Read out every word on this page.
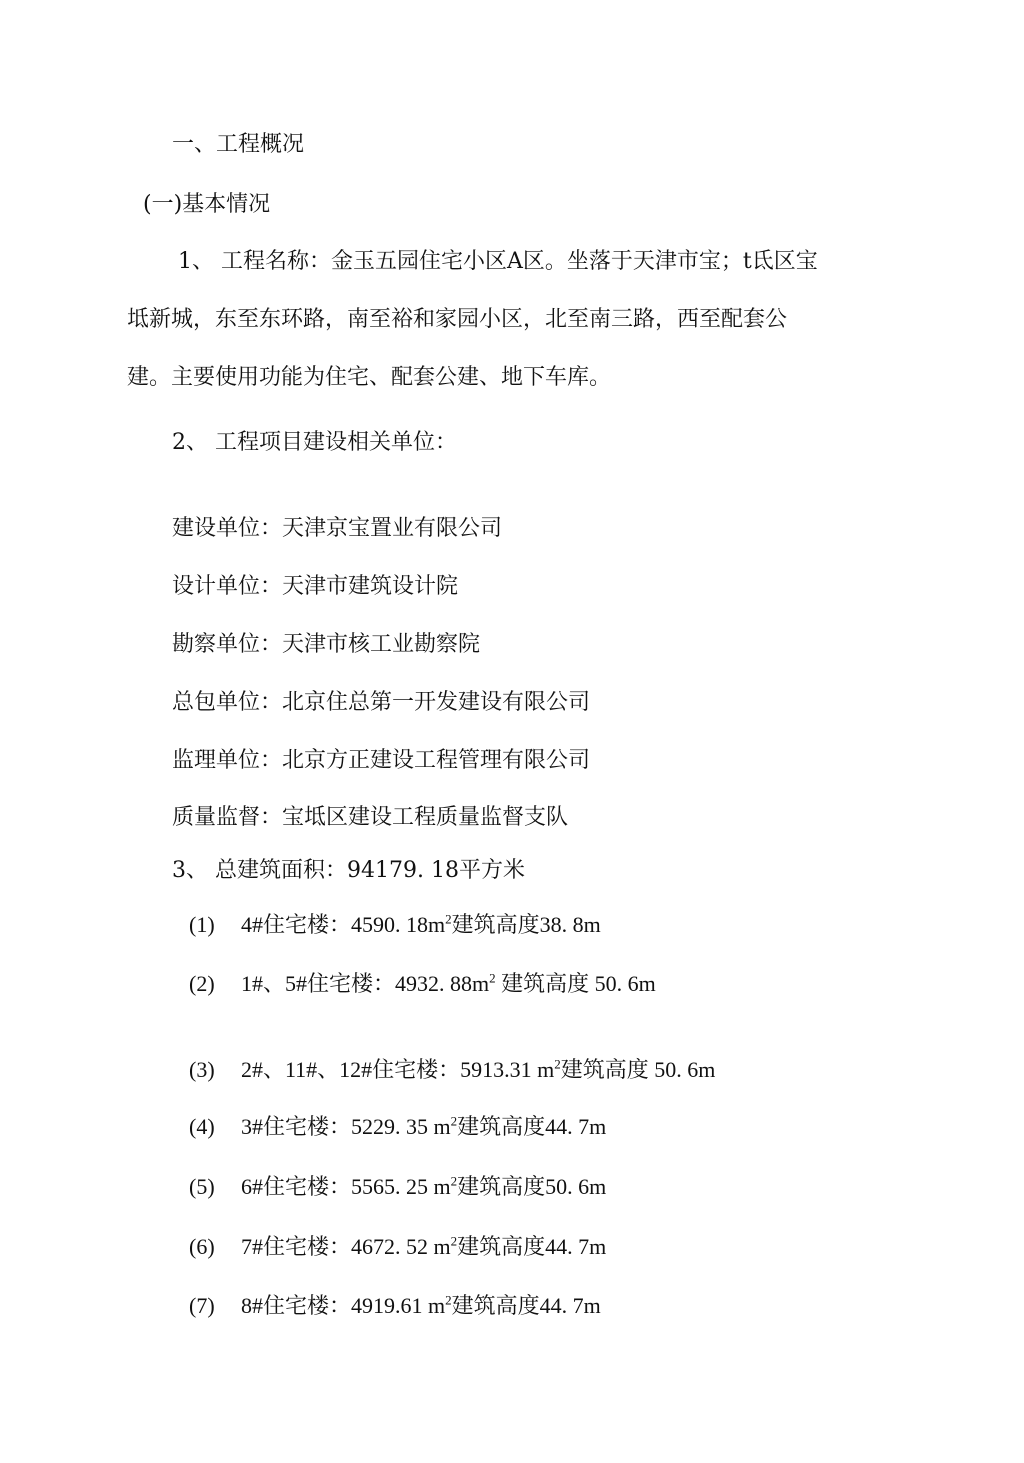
一、工程概况
(一)基本情况
1、 工程名称：金玉五园住宅小区A区。坐落于天津市宝；t氐区宝
坻新城，东至东环路，南至裕和家园小区，北至南三路，西至配套公
建。主要使用功能为住宅、配套公建、地下车库。
2、 工程项目建设相关单位：
建设单位：天津京宝置业有限公司
设计单位：天津市建筑设计院
勘察单位：天津市核工业勘察院
总包单位：北京住总第一开发建设有限公司
监理单位：北京方正建设工程管理有限公司
质量监督：宝坻区建设工程质量监督支队
3、 总建筑面积：94179. 18平方米
(1) 4#住宅楼：4590. $18m^2$建筑高度38. 8m
(2) 1#、5#住宅楼：4932. $88m^2$ 建筑高度 50. 6m
(3) 2#、11#、12#住宅楼：5913.31 $m^2$建筑高度 50. 6m
(4) 3#住宅楼：5229. 35 $m^2$建筑高度44. 7m
(5) 6#住宅楼：5565. 25 $m^2$建筑高度50. 6m
(6) 7#住宅楼：4672. 52 $m^2$建筑高度44. 7m
(7) 8#住宅楼：4919.61 $m^2$建筑高度44. 7m
